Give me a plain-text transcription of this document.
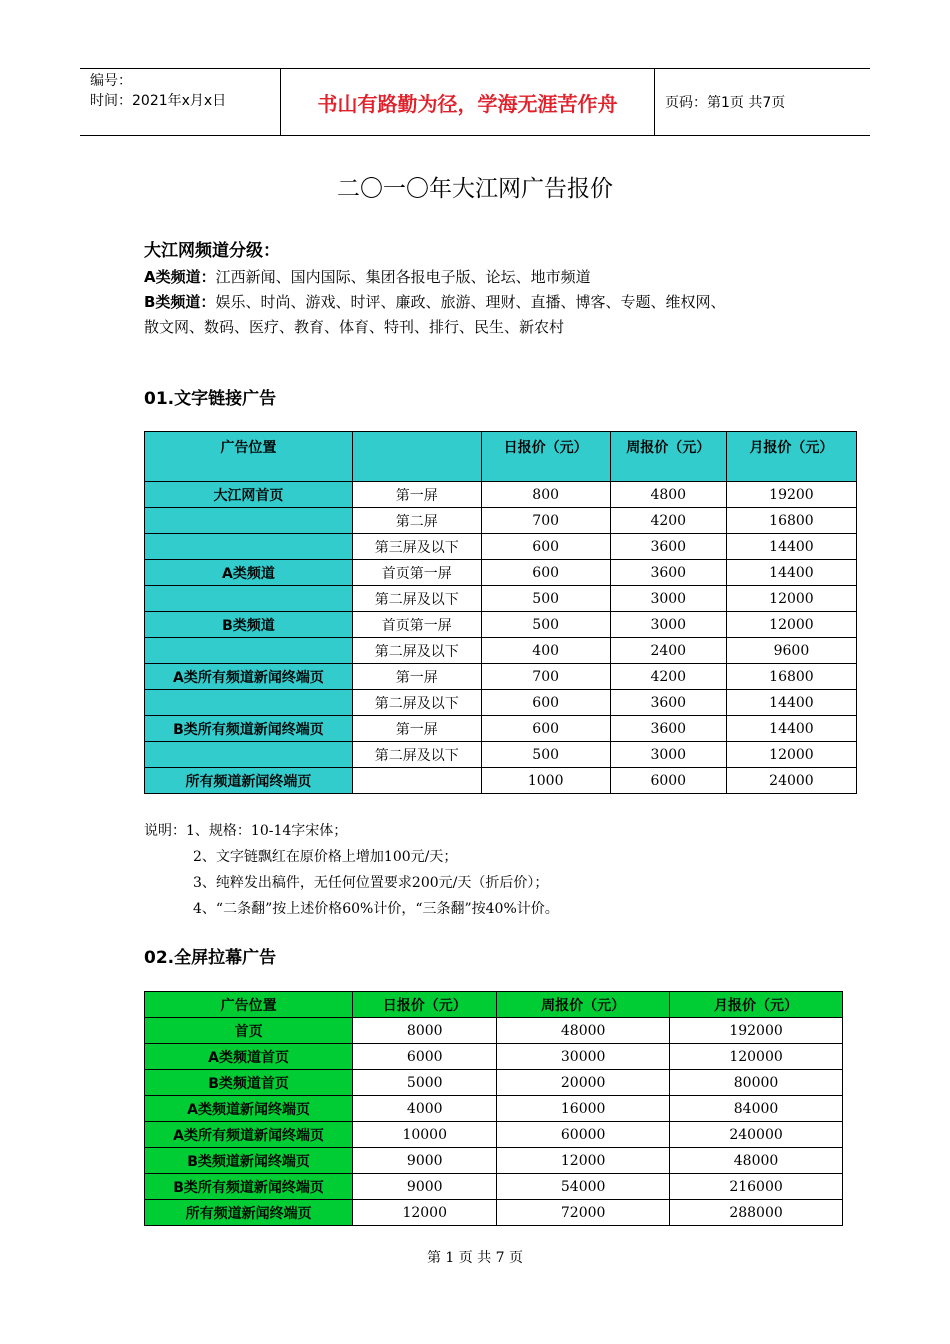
编号：
时间：2021年x月x日	书山有路勤为径，学海无涯苦作舟	页码：第1页 共7页
二〇一〇年大江网广告报价
大江网频道分级：
A类频道：江西新闻、国内国际、集团各报电子版、论坛、地市频道
B类频道：娱乐、时尚、游戏、时评、廉政、旅游、理财、直播、博客、专题、维权网、
散文网、数码、医疗、教育、体育、特刊、排行、民生、新农村
01.文字链接广告
广告位置		日报价（元）	周报价（元）	月报价（元）
大江网首页	第一屏	800	4800	19200
	第二屏	700	4200	16800
	第三屏及以下	600	3600	14400
A类频道	首页第一屏	600	3600	14400
	第二屏及以下	500	3000	12000
B类频道	首页第一屏	500	3000	12000
	第二屏及以下	400	2400	9600
A类所有频道新闻终端页	第一屏	700	4200	16800
	第二屏及以下	600	3600	14400
B类所有频道新闻终端页	第一屏	600	3600	14400
	第二屏及以下	500	3000	12000
所有频道新闻终端页		1000	6000	24000
说明：1、规格：10-14字宋体；
2、文字链飘红在原价格上增加100元/天；
3、纯粹发出稿件，无任何位置要求200元/天（折后价）；
4、“二条翻”按上述价格60%计价，“三条翻”按40%计价。
02.全屏拉幕广告
广告位置	日报价（元）	周报价（元）	月报价（元）
首页	8000	48000	192000
A类频道首页	6000	30000	120000
B类频道首页	5000	20000	80000
A类频道新闻终端页	4000	16000	84000
A类所有频道新闻终端页	10000	60000	240000
B类频道新闻终端页	9000	12000	48000
B类所有频道新闻终端页	9000	54000	216000
所有频道新闻终端页	12000	72000	288000
第 1 页 共 7 页
